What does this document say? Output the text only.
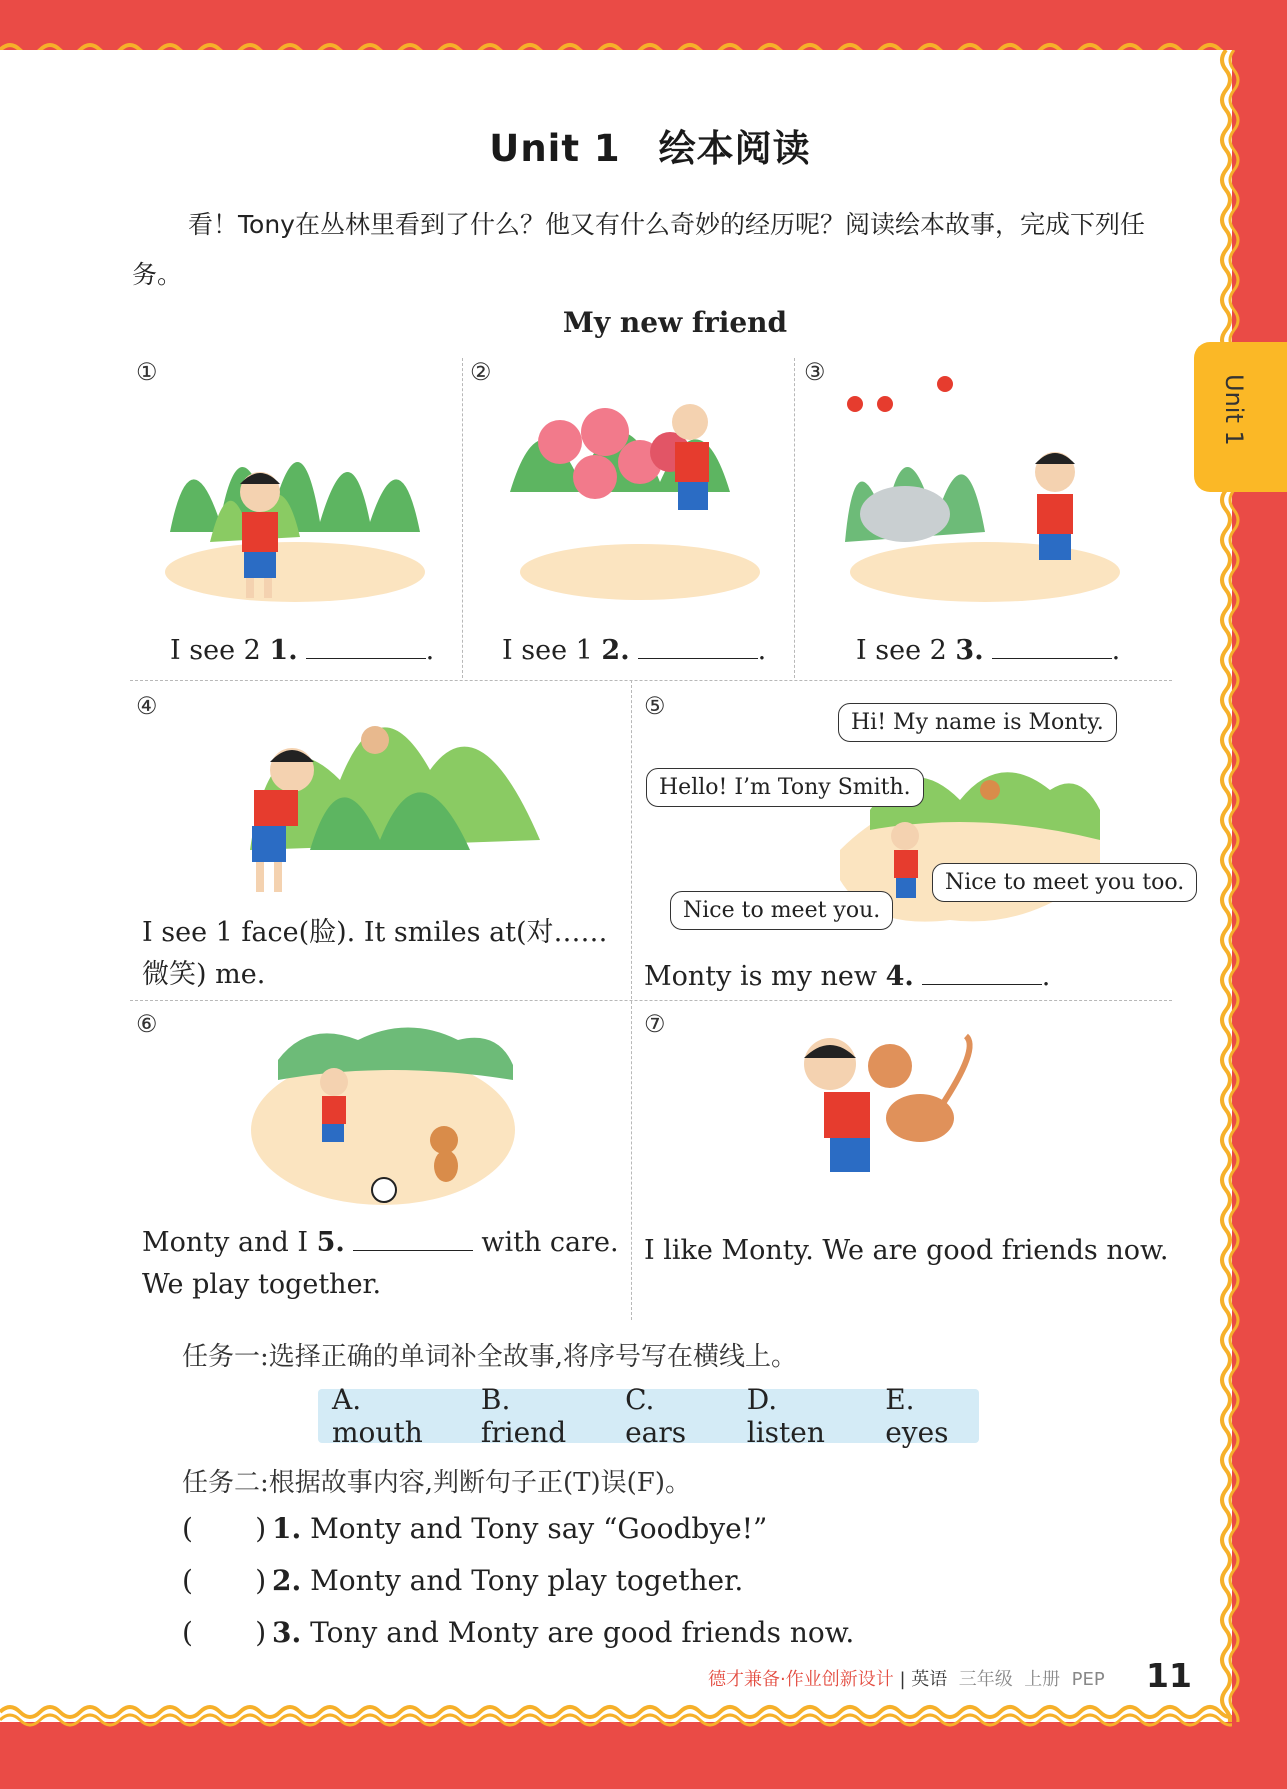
Unit 1
Unit 1　绘本阅读
看！Tony在丛林里看到了什么？他又有什么奇妙的经历呢？阅读绘本故事，完成下列任务。
My new friend
①
I see 2 1.	.
②
I see 1 2.	.
③
I see 2 3.	.
④
I see 1 face(脸). It smiles at(对……
微笑) me.
⑤
Hi! My name is Monty.
Hello! I’m Tony Smith.
Nice to meet you.
Nice to meet you too.
Monty is my new 4.	.
⑥
Monty and I 5.	with care.
We play together.
⑦
I like Monty. We are good friends now.
任务一:选择正确的单词补全故事,将序号写在横线上。
A. mouth
B. friend
C. ears
D. listen
E. eyes
任务二:根据故事内容,判断句子正(T)误(F)。
(       ) 1. Monty and Tony say “Goodbye!”
(       ) 2. Monty and Tony play together.
(       ) 3. Tony and Monty are good friends now.
德才兼备·作业创新设计 | 英语 三年级 上册 PEP 11
